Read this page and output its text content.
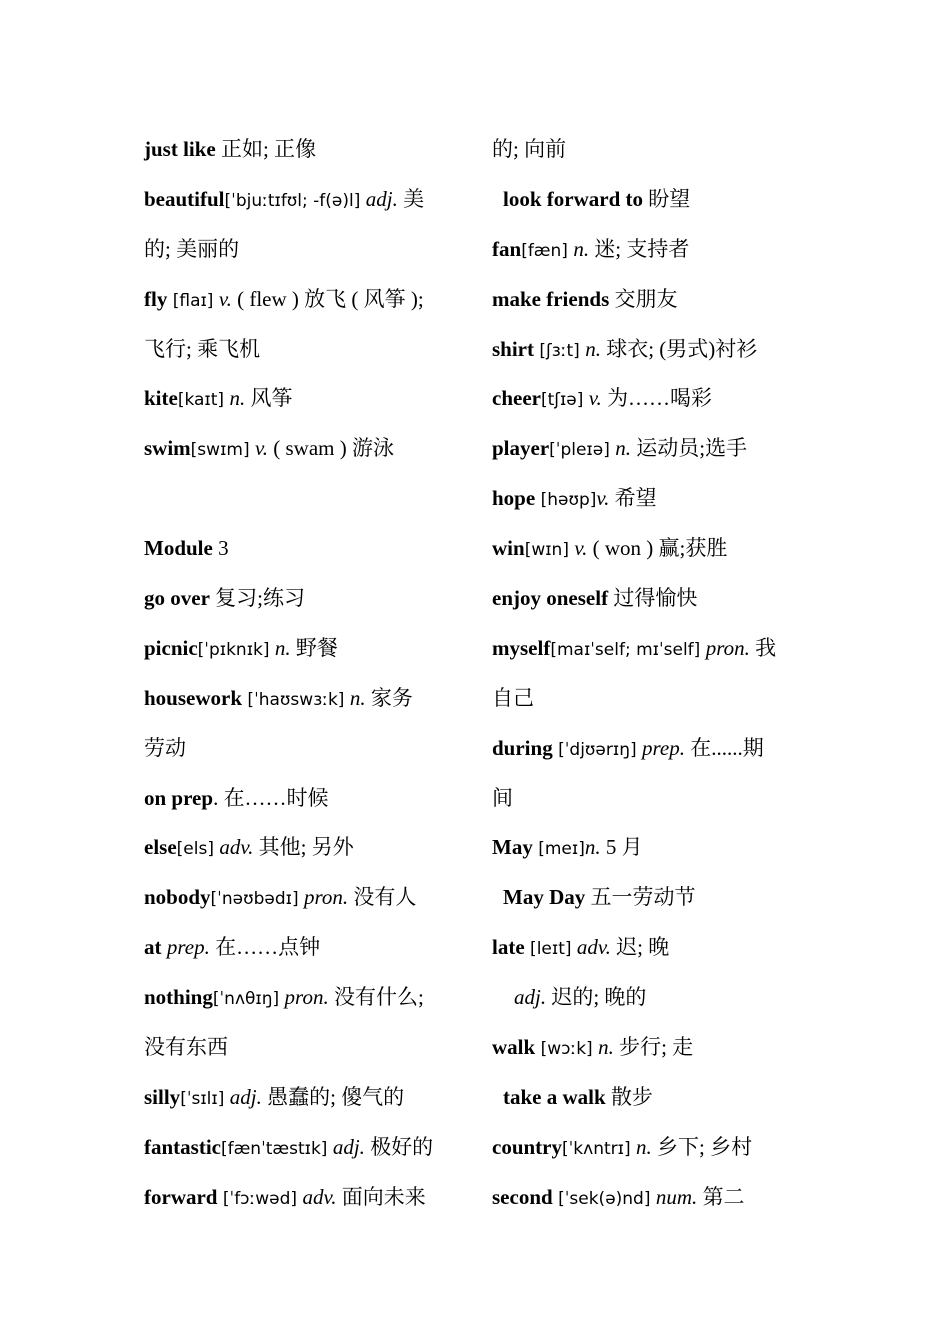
just like 正如; 正像
beautiful[ˈbjuːtɪfʊl; -f(ə)l] adj. 美
的; 美丽的
fly [flaɪ] v. ( flew ) 放飞 ( 风筝 );
飞行; 乘飞机
kite[kaɪt] n. 风筝
swim[swɪm] v. ( swam ) 游泳
Module 3
go over 复习;练习
picnic[ˈpɪknɪk] n. 野餐
housework [ˈhaʊswɜːk] n. 家务
劳动
on prep. 在……时候
else[els] adv. 其他; 另外
nobody[ˈnəʊbədɪ] pron. 没有人
at prep. 在……点钟
nothing[ˈnʌθɪŋ] pron. 没有什么;
没有东西
silly[ˈsɪlɪ] adj. 愚蠢的; 傻气的
fantastic[fænˈtæstɪk] adj. 极好的
forward [ˈfɔːwəd] adv. 面向未来
的; 向前
look forward to 盼望
fan[fæn] n. 迷; 支持者
make friends 交朋友
shirt [ʃɜːt] n. 球衣; (男式)衬衫
cheer[tʃɪə] v. 为……喝彩
player[ˈpleɪə] n. 运动员;选手
hope [həʊp]v. 希望
win[wɪn] v. ( won ) 赢;获胜
enjoy oneself 过得愉快
myself[maɪˈself; mɪˈself] pron. 我
自己
during [ˈdjʊərɪŋ] prep. 在......期
间
May [meɪ]n. 5 月
May Day 五一劳动节
late [leɪt] adv. 迟; 晚
adj. 迟的; 晚的
walk [wɔːk] n. 步行; 走
take a walk 散步
country[ˈkʌntrɪ] n. 乡下; 乡村
second [ˈsek(ə)nd] num. 第二
